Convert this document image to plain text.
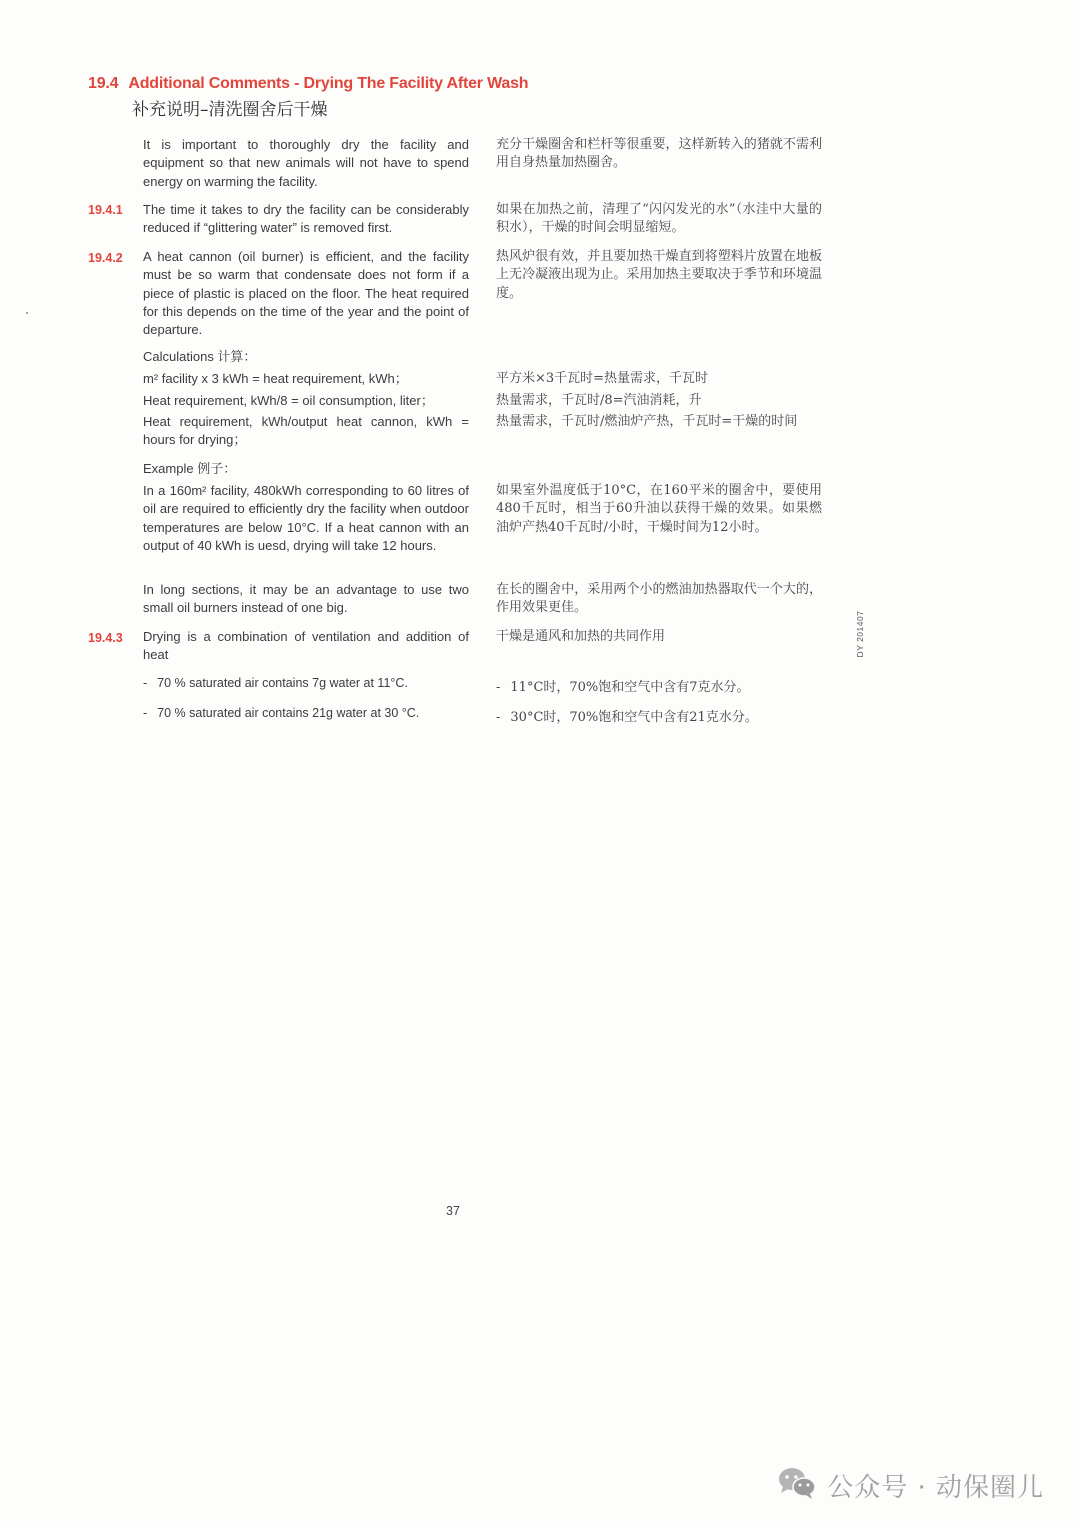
19.4 Additional Comments - Drying The Facility After Wash
补充说明–清洗圈舍后干燥
It is important to thoroughly dry the facility and equipment so that new animals will not have to spend energy on warming the facility.
充分干燥圈舍和栏杆等很重要，这样新转入的猪就不需利用自身热量加热圈舍。
19.4.1 The time it takes to dry the facility can be considerably reduced if “glittering water” is removed first.
如果在加热之前，清理了“闪闪发光的水”（水洼中大量的积水），干燥的时间会明显缩短。
19.4.2 A heat cannon (oil burner) is efficient, and the facility must be so warm that condensate does not form if a piece of plastic is placed on the floor. The heat required for this depends on the time of the year and the point of departure.
热风炉很有效，并且要加热干燥直到将塑料片放置在地板上无冷凝液出现为止。采用加热主要取决于季节和环境温度。
Calculations 计算：
m² facility x 3 kWh = heat requirement, kWh；	平方米×3千瓦时=热量需求，千瓦时
Heat requirement, kWh/8 = oil consumption, liter；	热量需求，千瓦时/8=汽油消耗，升
Heat requirement, kWh/output heat cannon, kWh = hours for drying；
热量需求，千瓦时/燃油炉产热，千瓦时=干燥的时间
Example 例子：
In a 160m² facility, 480kWh corresponding to 60 litres of oil are required to efficiently dry the facility when outdoor temperatures are below 10°C. If a heat cannon with an output of 40 kWh is uesd, drying will take 12 hours.
如果室外温度低于10°C，在160平米的圈舍中，要使用480千瓦时，相当于60升油以获得干燥的效果。如果燃油炉产热40千瓦时/小时，干燥时间为12小时。
In long sections, it may be an advantage to use two small oil burners instead of one big.
在长的圈舍中，采用两个小的燃油加热器取代一个大的，作用效果更佳。
19.4.3 Drying is a combination of ventilation and addition of heat
干燥是通风和加热的共同作用
- 70 % saturated air contains 7g water at 11°C.	- 11°C时，70%饱和空气中含有7克水分。
- 70 % saturated air contains 21g water at 30 °C.	- 30°C时，70%饱和空气中含有21克水分。
DY 201407
37
公众号 · 动保圈儿
